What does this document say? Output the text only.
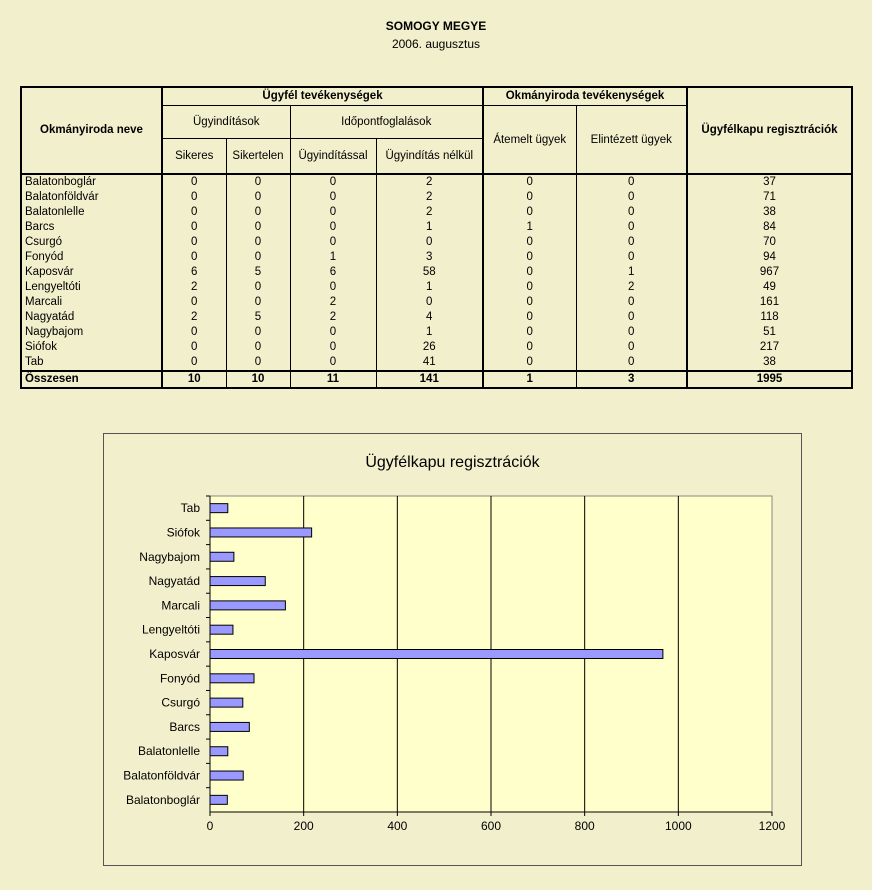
SOMOGY MEGYE
2006. augusztus
Okmányiroda neve	Ügyfél tevékenységek				Okmányiroda tevékenységek		Ügyfélkapu regisztrációk
	Ügyindítások		Időpontfoglalások		Átemelt ügyek	Elintézett ügyek	
	Sikeres	Sikertelen	Ügyindítással	Ügyindítás nélkül			
Balatonboglár	0	0	0	2	0	0	37
Balatonföldvár	0	0	0	2	0	0	71
Balatonlelle	0	0	0	2	0	0	38
Barcs	0	0	0	1	1	0	84
Csurgó	0	0	0	0	0	0	70
Fonyód	0	0	1	3	0	0	94
Kaposvár	6	5	6	58	0	1	967
Lengyeltóti	2	0	0	1	0	2	49
Marcali	0	0	2	0	0	0	161
Nagyatád	2	5	2	4	0	0	118
Nagybajom	0	0	0	1	0	0	51
Siófok	0	0	0	26	0	0	217
Tab	0	0	0	41	0	0	38
Összesen	10	10	11	141	1	3	1995
Ügyfélkapu regisztrációk
0	200	400	600	800	1000	1200
Tab
Siófok
Nagybajom
Nagyatád
Marcali
Lengyeltóti
Kaposvár
Fonyód
Csurgó
Barcs
Balatonlelle
Balatonföldvár
Balatonboglár
